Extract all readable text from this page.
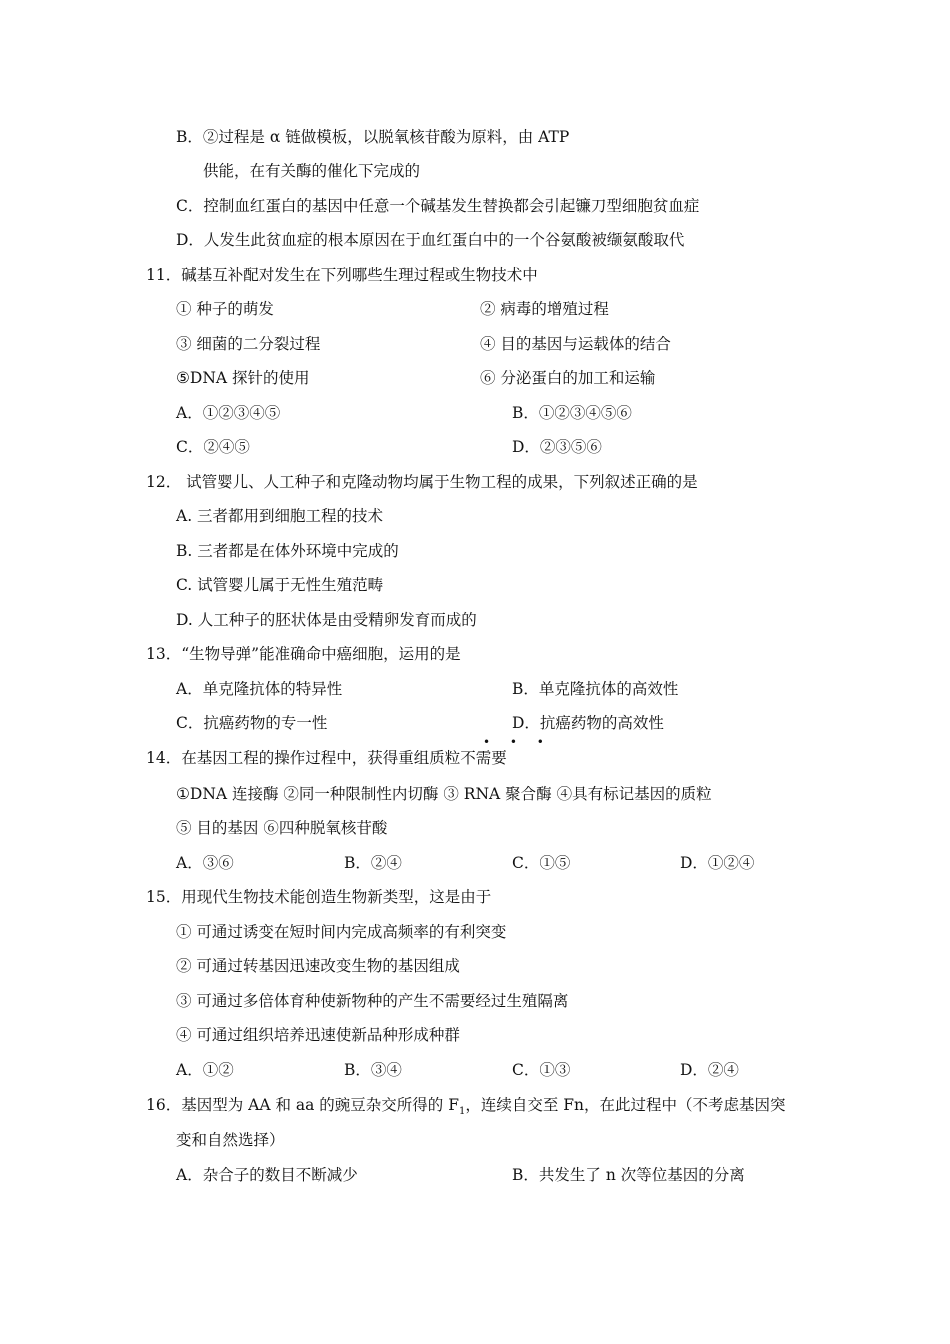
B．②过程是 α 链做模板，以脱氧核苷酸为原料，由 ATP
供能，在有关酶的催化下完成的
C．控制血红蛋白的基因中任意一个碱基发生替换都会引起镰刀型细胞贫血症
D．人发生此贫血症的根本原因在于血红蛋白中的一个谷氨酸被缬氨酸取代
11．碱基互补配对发生在下列哪些生理过程或生物技术中
① 种子的萌发	② 病毒的增殖过程
③ 细菌的二分裂过程	④ 目的基因与运载体的结合
⑤DNA 探针的使用	⑥ 分泌蛋白的加工和运输
A．①②③④⑤	B．①②③④⑤⑥
C．②④⑤	D．②③⑤⑥
12． 试管婴儿、人工种子和克隆动物均属于生物工程的成果，下列叙述正确的是
A. 三者都用到细胞工程的技术
B. 三者都是在体外环境中完成的
C. 试管婴儿属于无性生殖范畴
D. 人工种子的胚状体是由受精卵发育而成的
13．“生物导弹”能准确命中癌细胞，运用的是
A．单克隆抗体的特异性	B．单克隆抗体的高效性
C．抗癌药物的专一性	D．抗癌药物的高效性
• • •
14．在基因工程的操作过程中，获得重组质粒不需要
①DNA 连接酶 ②同一种限制性内切酶 ③ RNA 聚合酶 ④具有标记基因的质粒
⑤ 目的基因 ⑥四种脱氧核苷酸
A．③⑥	B．②④	C．①⑤	D．①②④
15．用现代生物技术能创造生物新类型，这是由于
① 可通过诱变在短时间内完成高频率的有利突变
② 可通过转基因迅速改变生物的基因组成
③ 可通过多倍体育种使新物种的产生不需要经过生殖隔离
④ 可通过组织培养迅速使新品种形成种群
A．①②	B．③④	C．①③	D．②④
16．基因型为 AA 和 aa 的豌豆杂交所得的 $F_1$，连续自交至 Fn，在此过程中（不考虑基因突
变和自然选择）
A．杂合子的数目不断减少	B．共发生了 n 次等位基因的分离
